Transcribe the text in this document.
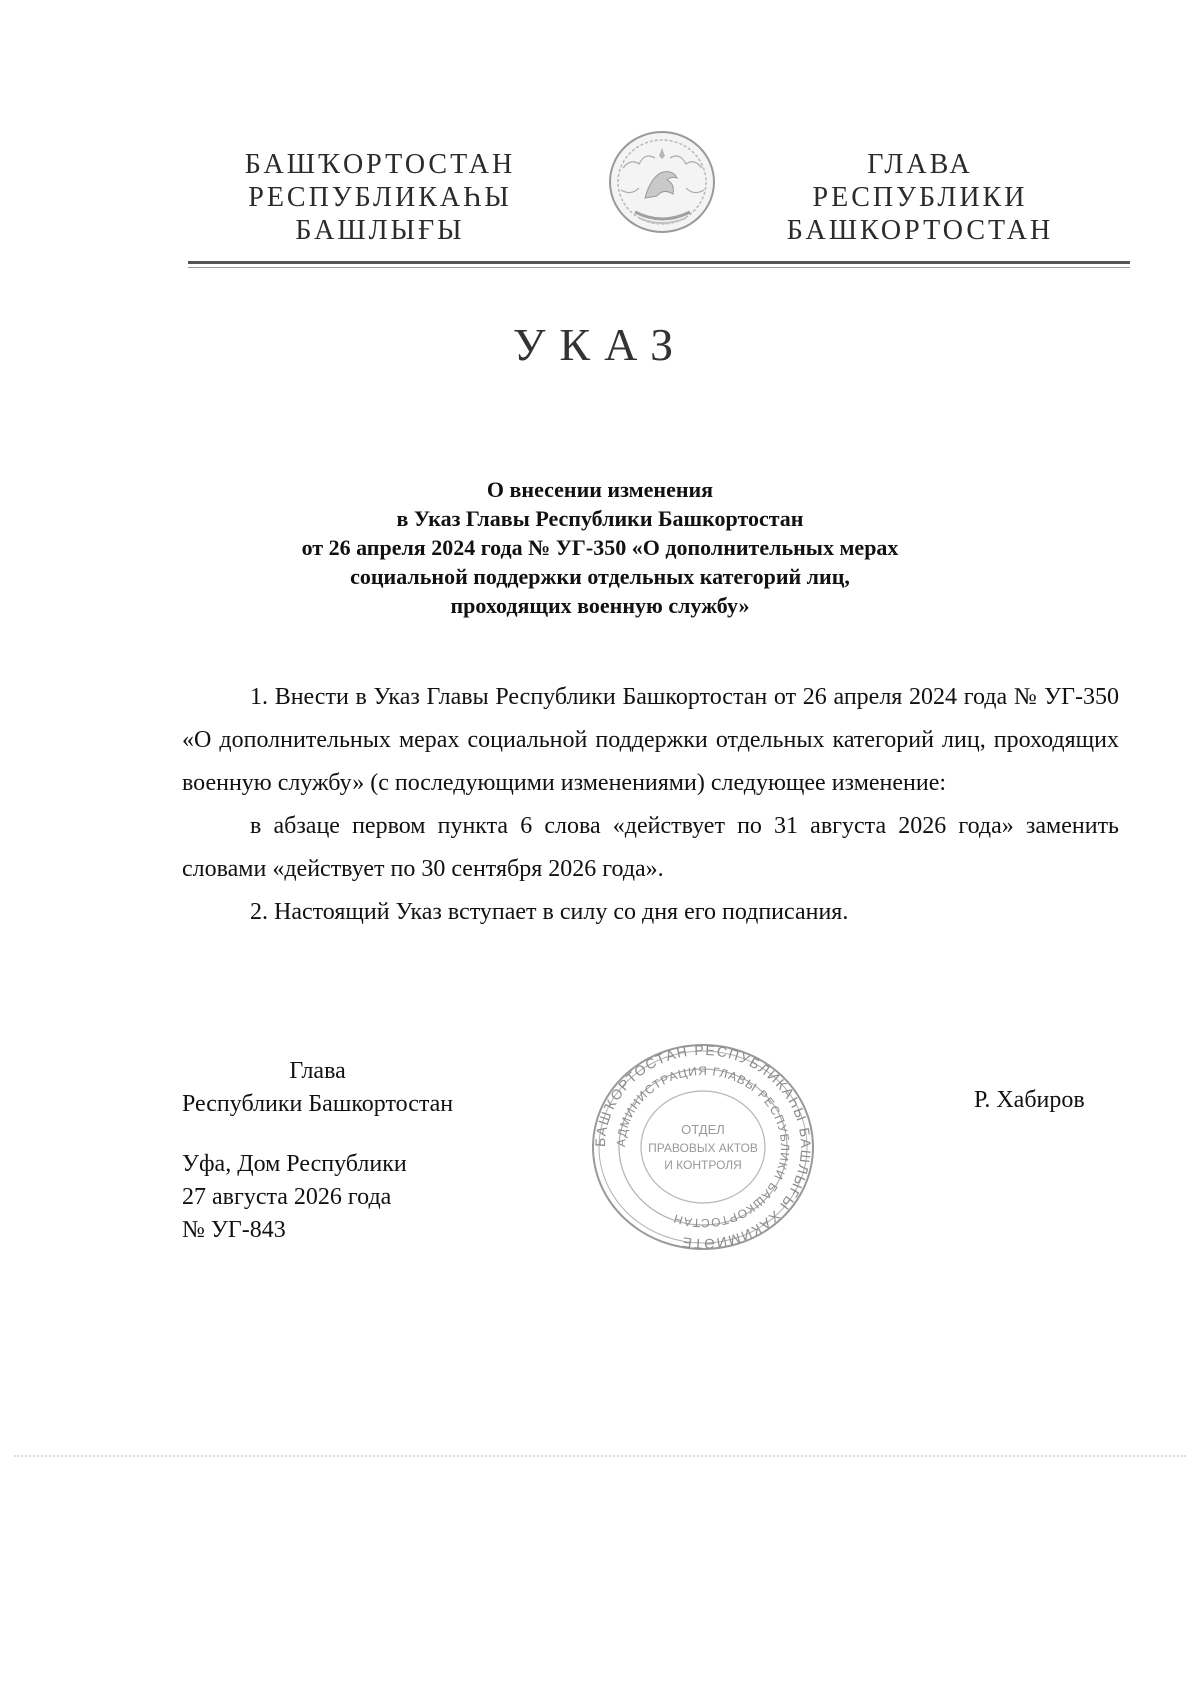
БАШҠОРТОСТАН
РЕСПУБЛИКАҺЫ
БАШЛЫҒЫ
ГЛАВА
РЕСПУБЛИКИ
БАШКОРТОСТАН
УКАЗ
О внесении изменения
в Указ Главы Республики Башкортостан
от 26 апреля 2024 года № УГ-350 «О дополнительных мерах
социальной поддержки отдельных категорий лиц,
проходящих военную службу»
1. Внести в Указ Главы Республики Башкортостан от 26 апреля 2024 года № УГ-350 «О дополнительных мерах социальной поддержки отдельных категорий лиц, проходящих военную службу» (с последующими изменениями) следующее изменение:
в абзаце первом пункта 6 слова «действует по 31 августа 2026 года» заменить словами «действует по 30 сентября 2026 года».
2. Настоящий Указ вступает в силу со дня его подписания.
Глава
Республики Башкортостан
Уфа, Дом Республики
27 августа 2026 года
№ УГ-843
БАШҠОРТОСТАН РЕСПУБЛИКАҺЫ БАШЛЫҒЫ ХАКИМИӘТЕ
АДМИНИСТРАЦИЯ ГЛАВЫ РЕСПУБЛИКИ БАШКОРТОСТАН
ОТДЕЛ
ПРАВОВЫХ АКТОВ
И КОНТРОЛЯ
Р. Хабиров
